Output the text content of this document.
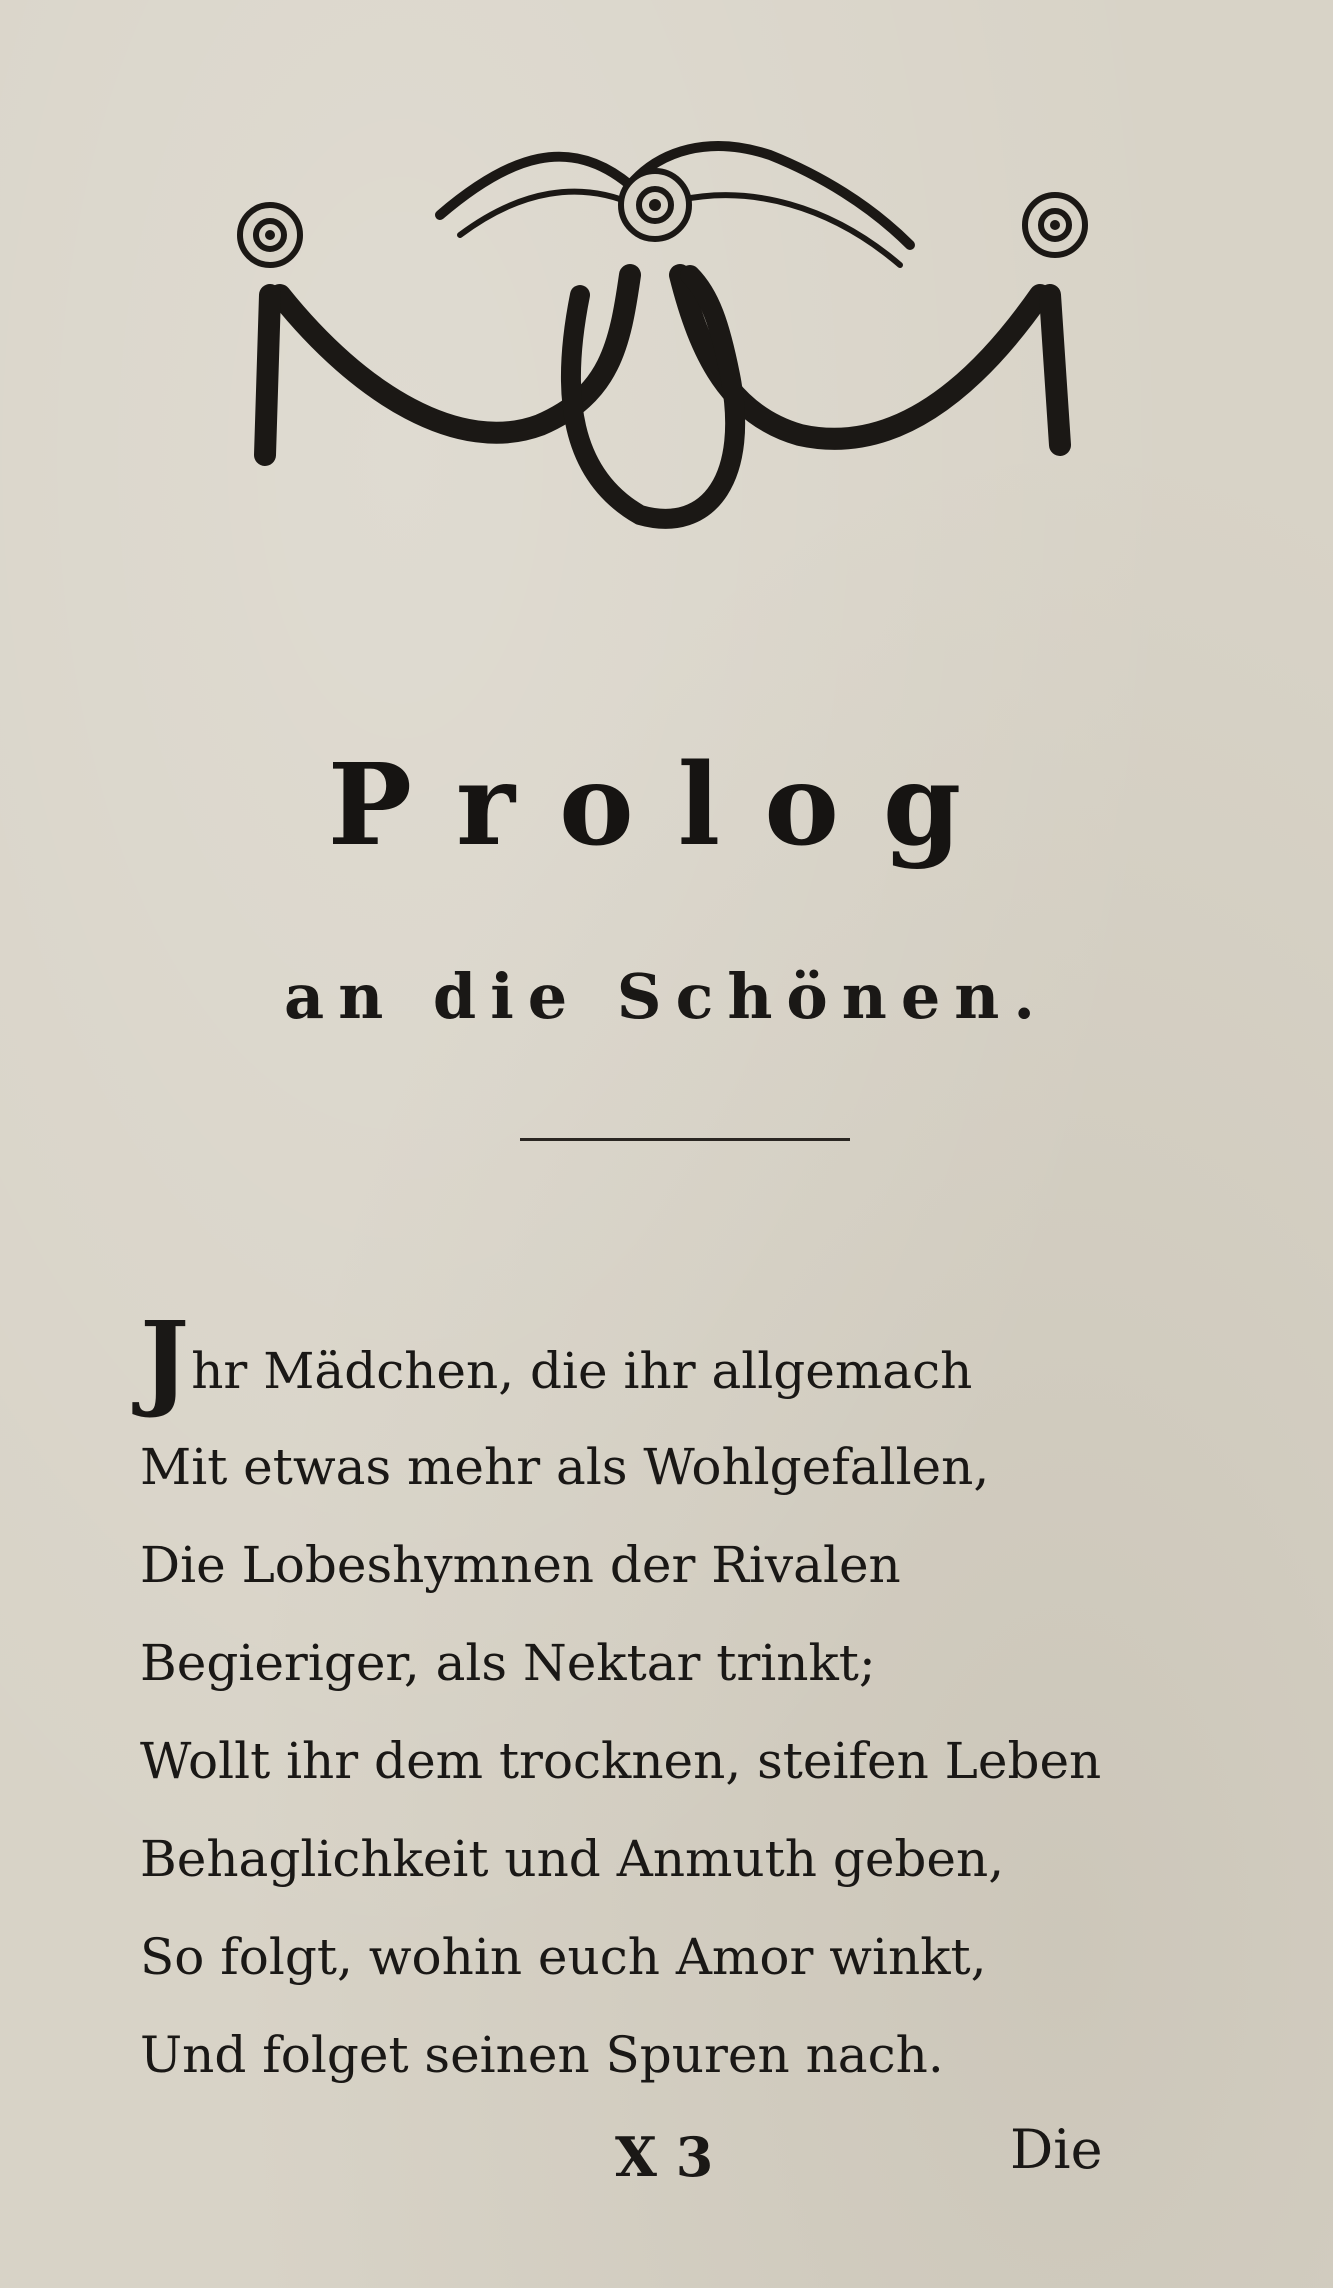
Prolog
an die Schönen.
Jhr Mädchen, die ihr allgemach
Mit etwas mehr als Wohlgefallen,
Die Lobeshymnen der Rivalen
Begieriger, als Nektar trinkt;
Wollt ihr dem trocknen, steifen Leben
Behaglichkeit und Anmuth geben,
So folgt, wohin euch Amor winkt,
Und folget seinen Spuren nach.
X 3	Die
